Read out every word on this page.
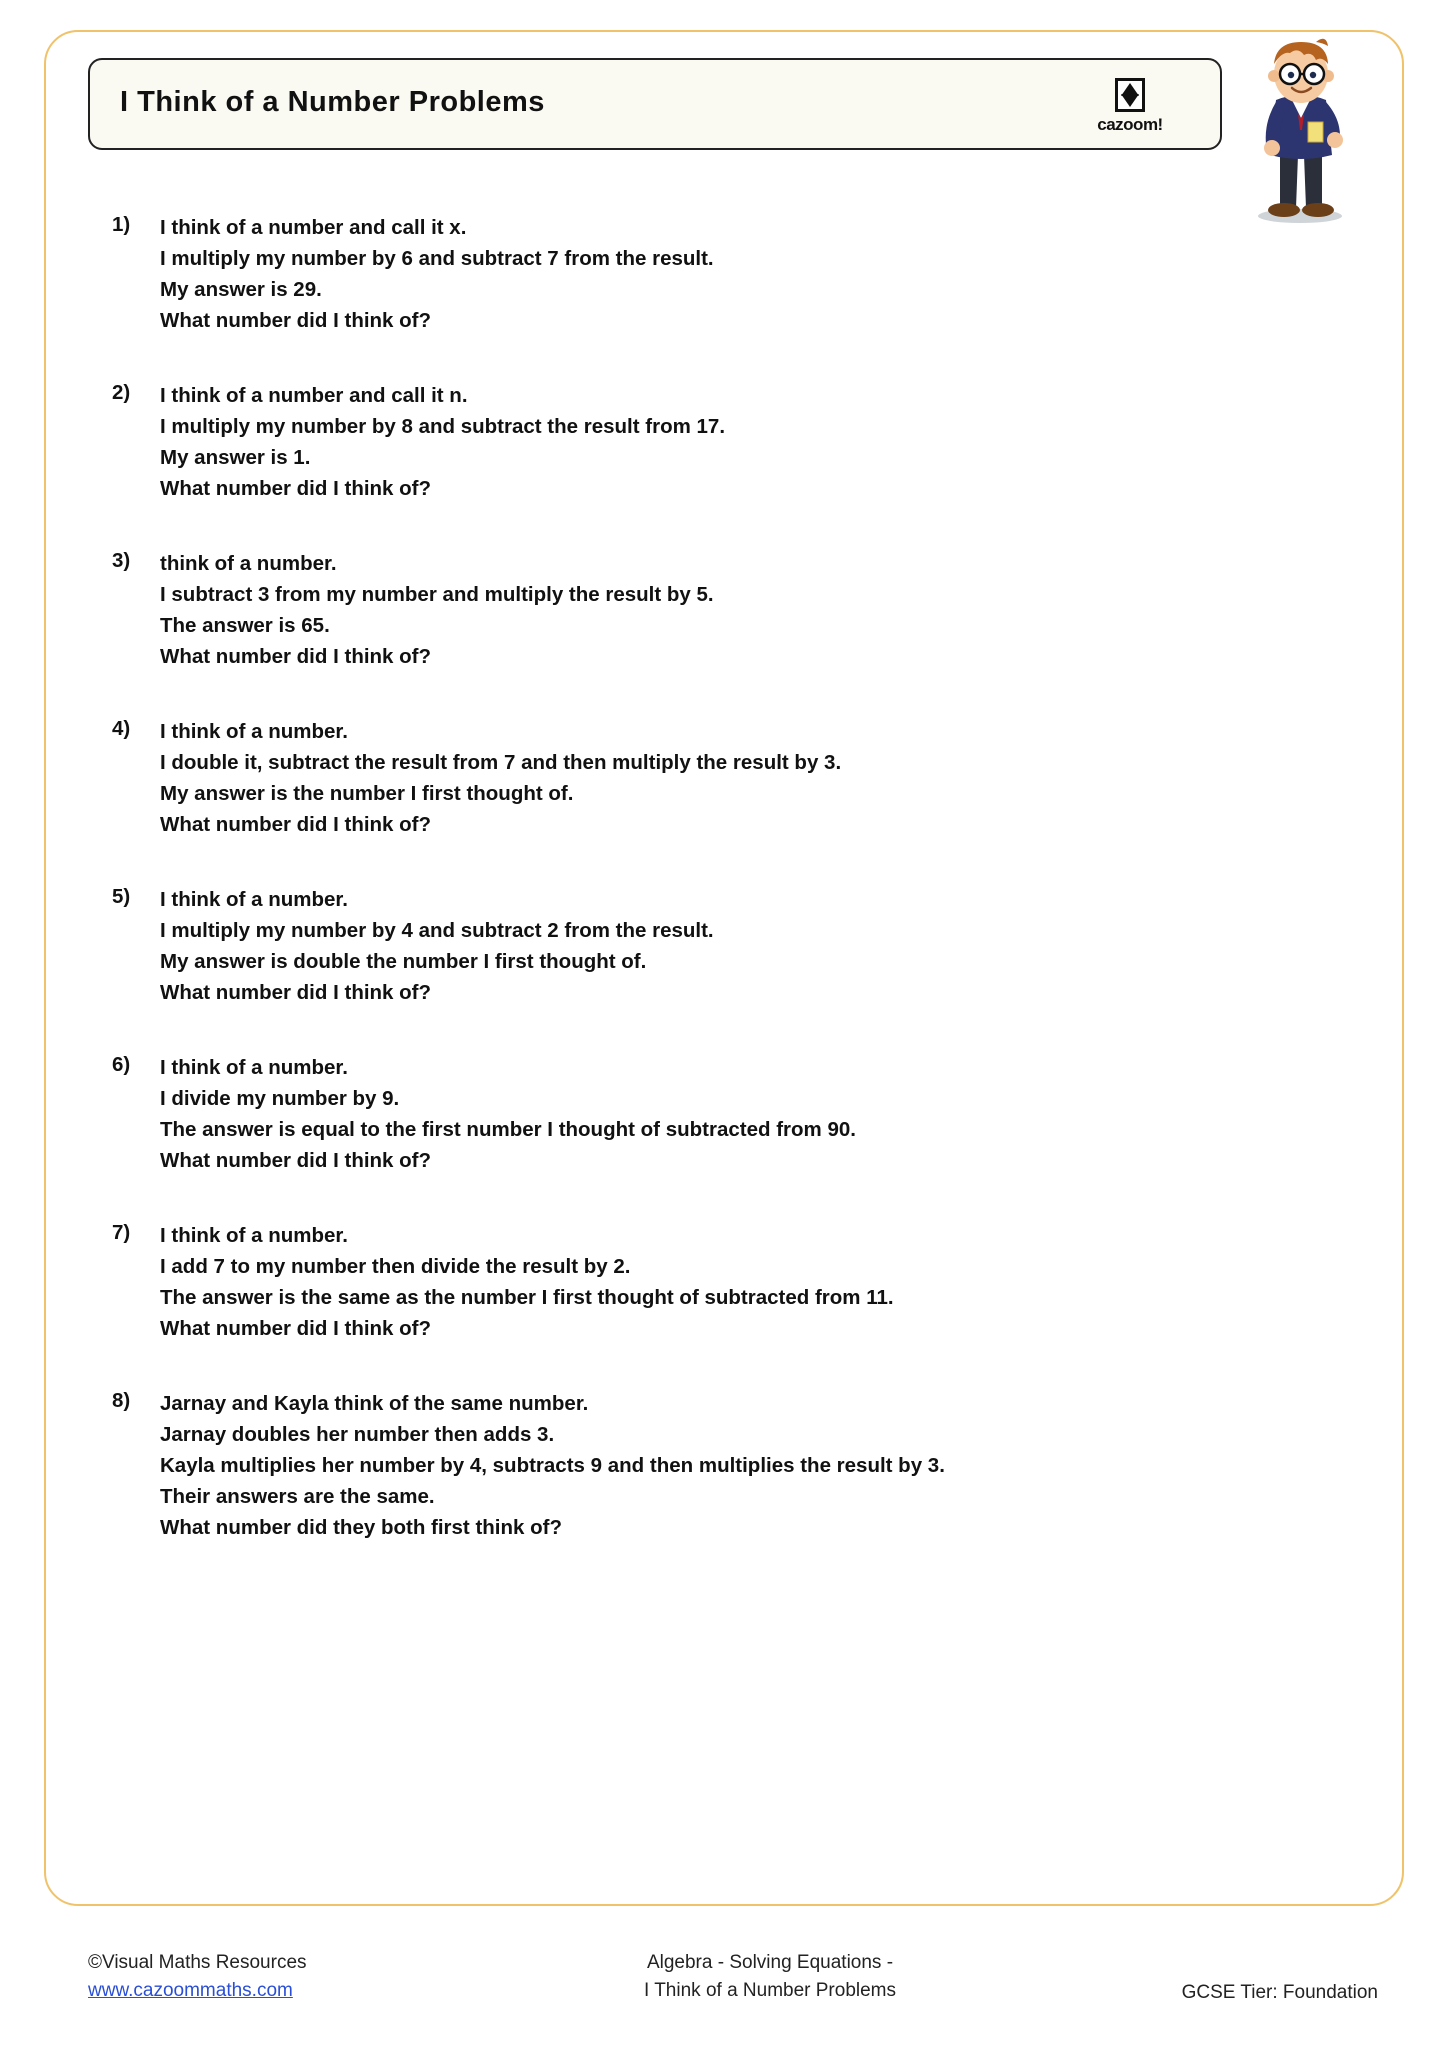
I Think of a Number Problems
cazoom!
1)	I think of a number and call it x.
I multiply my number by 6 and subtract 7 from the result.
My answer is 29.
What number did I think of?
2)	I think of a number and call it n.
I multiply my number by 8 and subtract the result from 17.
My answer is 1.
What number did I think of?
3)	think of a number.
I subtract 3 from my number and multiply the result by 5.
The answer is 65.
What number did I think of?
4)	I think of a number.
I double it, subtract the result from 7 and then multiply the result by 3.
My answer is the number I first thought of.
What number did I think of?
5)	I think of a number.
I multiply my number by 4 and subtract 2 from the result.
My answer is double the number I first thought of.
What number did I think of?
6)	I think of a number.
I divide my number by 9.
The answer is equal to the first number I thought of subtracted from 90.
What number did I think of?
7)	I think of a number.
I add 7 to my number then divide the result by 2.
The answer is the same as the number I first thought of subtracted from 11.
What number did I think of?
8)	Jarnay and Kayla think of the same number.
Jarnay doubles her number then adds 3.
Kayla multiplies her number by 4, subtracts 9 and then multiplies the result by 3.
Their answers are the same.
What number did they both first think of?
©Visual Maths Resources
www.cazoommaths.com
Algebra - Solving Equations -
I Think of a Number Problems	GCSE Tier: Foundation
